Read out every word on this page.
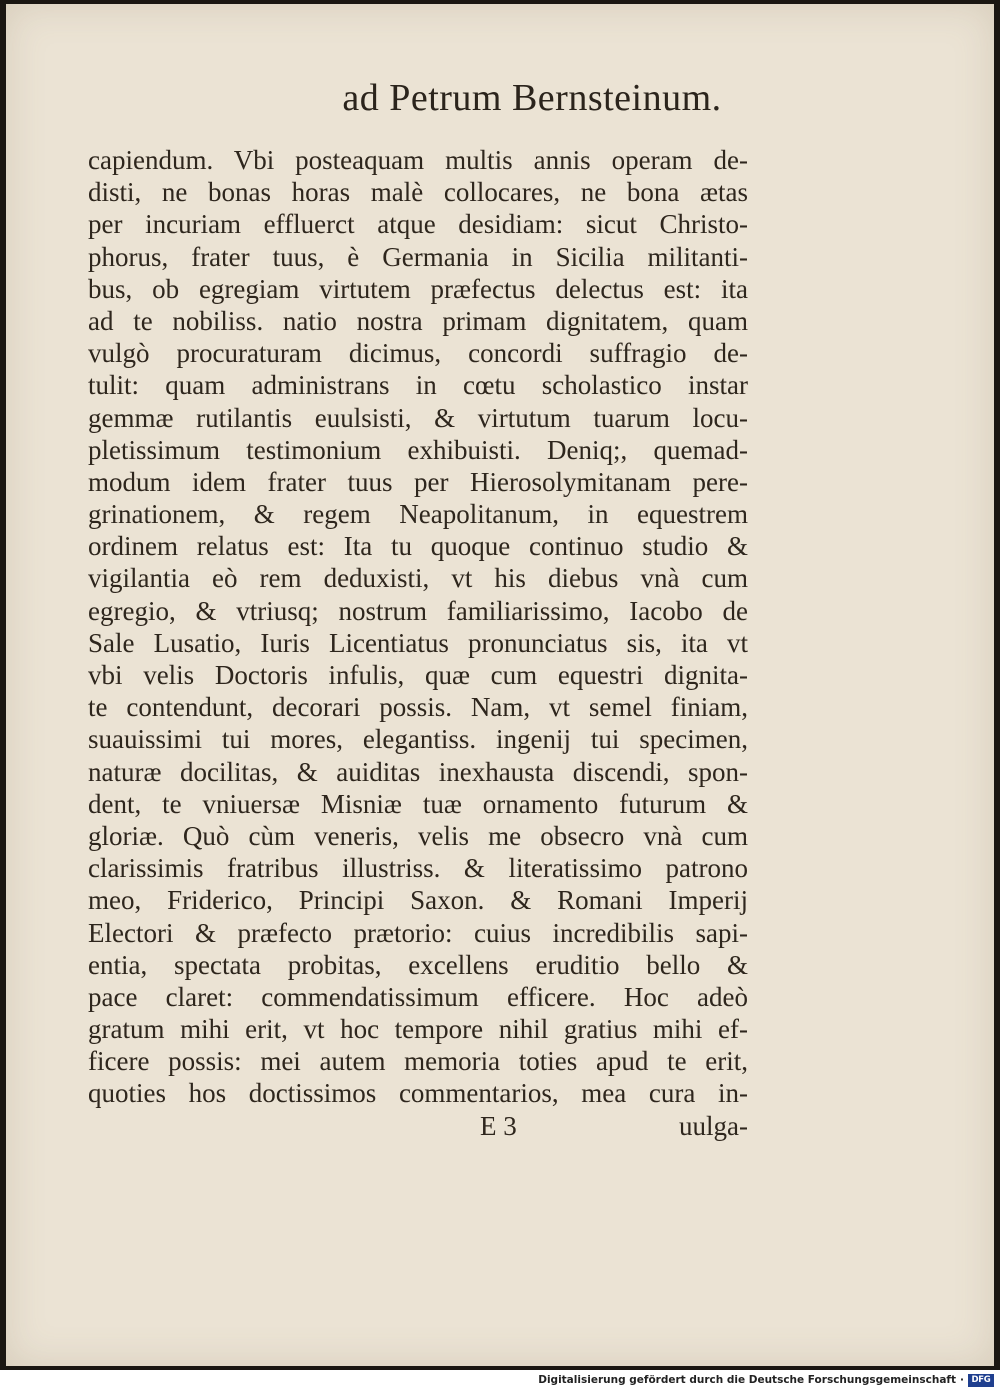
ad Petrum Bernsteinum.
capiendum. Vbi posteaquam multis annis operam de-
disti, ne bonas horas malè collocares, ne bona ætas
per incuriam effluerct atque desidiam: sicut Christo-
phorus, frater tuus, è Germania in Sicilia militanti-
bus, ob egregiam virtutem præfectus delectus est: ita
ad te nobiliss. natio nostra primam dignitatem, quam
vulgò procuraturam dicimus, concordi suffragio de-
tulit: quam administrans in cœtu scholastico instar
gemmæ rutilantis euulsisti, & virtutum tuarum locu-
pletissimum testimonium exhibuisti. Deniq;, quemad-
modum idem frater tuus per Hierosolymitanam pere-
grinationem, & regem Neapolitanum, in equestrem
ordinem relatus est: Ita tu quoque continuo studio &
vigilantia eò rem deduxisti, vt his diebus vnà cum
egregio, & vtriusq; nostrum familiarissimo, Iacobo de
Sale Lusatio, Iuris Licentiatus pronunciatus sis, ita vt
vbi velis Doctoris infulis, quæ cum equestri dignita-
te contendunt, decorari possis. Nam, vt semel finiam,
suauissimi tui mores, elegantiss. ingenij tui specimen,
naturæ docilitas, & auiditas inexhausta discendi, spon-
dent, te vniuersæ Misniæ tuæ ornamento futurum &
gloriæ. Quò cùm veneris, velis me obsecro vnà cum
clarissimis fratribus illustriss. & literatissimo patrono
meo, Friderico, Principi Saxon. & Romani Imperij
Electori & præfecto prætorio: cuius incredibilis sapi-
entia, spectata probitas, excellens eruditio bello &
pace claret: commendatissimum efficere. Hoc adeò
gratum mihi erit, vt hoc tempore nihil gratius mihi ef-
ficere possis: mei autem memoria toties apud te erit,
quoties hos doctissimos commentarios, mea cura in-
E 3	uulga-
Digitalisierung gefördert durch die Deutsche Forschungsgemeinschaft · DFG
